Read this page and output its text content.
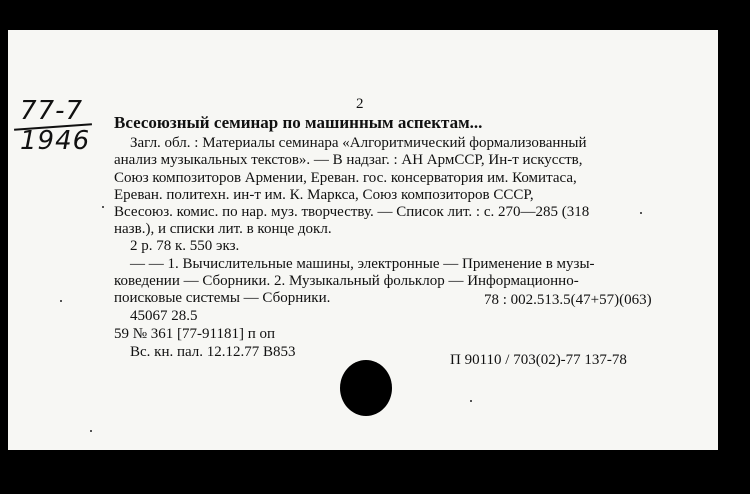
77-7
1946
2
Всесоюзный семинар по машинным аспектам...
Загл. обл. : Материалы семинара «Алгоритмический формализованный
анализ музыкальных текстов». — В надзаг. : АН АрмССР, Ин-т искусств,
Союз композиторов Армении, Ереван. гос. консерватория им. Комитаса,
Ереван. политехн. ин-т им. К. Маркса, Союз композиторов СССР,
Всесоюз. комис. по нар. муз. творчеству. — Список лит. : с. 270—285 (318
назв.), и списки лит. в конце докл.
2 р. 78 к. 550 экз.
— — 1. Вычислительные машины, электронные — Применение в музы-
коведении — Сборники. 2. Музыкальный фольклор — Информационно-
поисковые системы — Сборники.	78 : 002.513.5(47+57)(063)
45067 28.5
59 № 361 [77-91181] п оп
Вс. кн. пал. 12.12.77 В853	П 90110 / 703(02)-77 137-78
